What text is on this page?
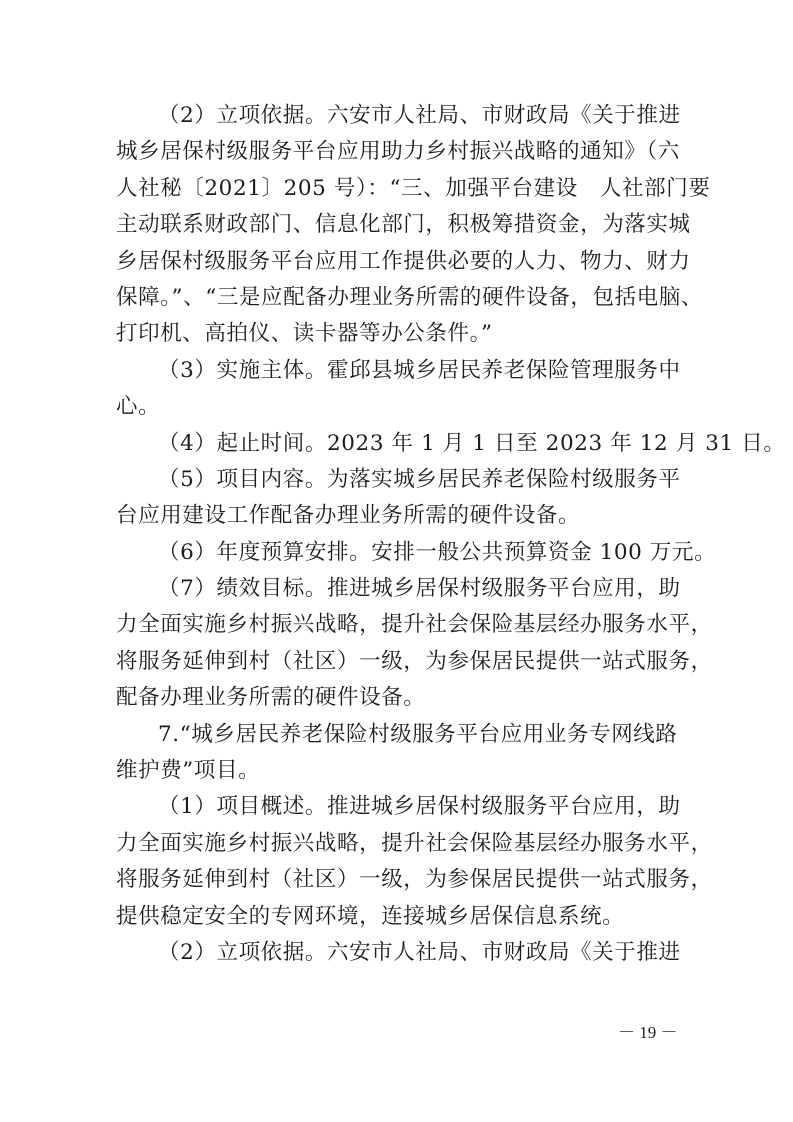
（2）立项依据。六安市人社局、市财政局《关于推进
城乡居保村级服务平台应用助力乡村振兴战略的通知》（六
人社秘〔2021〕205 号）：“三、加强平台建设　人社部门要
主动联系财政部门、信息化部门，积极筹措资金，为落实城
乡居保村级服务平台应用工作提供必要的人力、物力、财力
保障。”、“三是应配备办理业务所需的硬件设备，包括电脑、
打印机、高拍仪、读卡器等办公条件。”
（3）实施主体。霍邱县城乡居民养老保险管理服务中
心。
（4）起止时间。2023 年 1 月 1 日至 2023 年 12 月 31 日。
（5）项目内容。为落实城乡居民养老保险村级服务平
台应用建设工作配备办理业务所需的硬件设备。
（6）年度预算安排。安排一般公共预算资金 100 万元。
（7）绩效目标。推进城乡居保村级服务平台应用，助
力全面实施乡村振兴战略，提升社会保险基层经办服务水平，
将服务延伸到村（社区）一级，为参保居民提供一站式服务，
配备办理业务所需的硬件设备。
7.“城乡居民养老保险村级服务平台应用业务专网线路
维护费”项目。
（1）项目概述。推进城乡居保村级服务平台应用，助
力全面实施乡村振兴战略，提升社会保险基层经办服务水平，
将服务延伸到村（社区）一级，为参保居民提供一站式服务，
提供稳定安全的专网环境，连接城乡居保信息系统。
（2）立项依据。六安市人社局、市财政局《关于推进
－ 19 －
